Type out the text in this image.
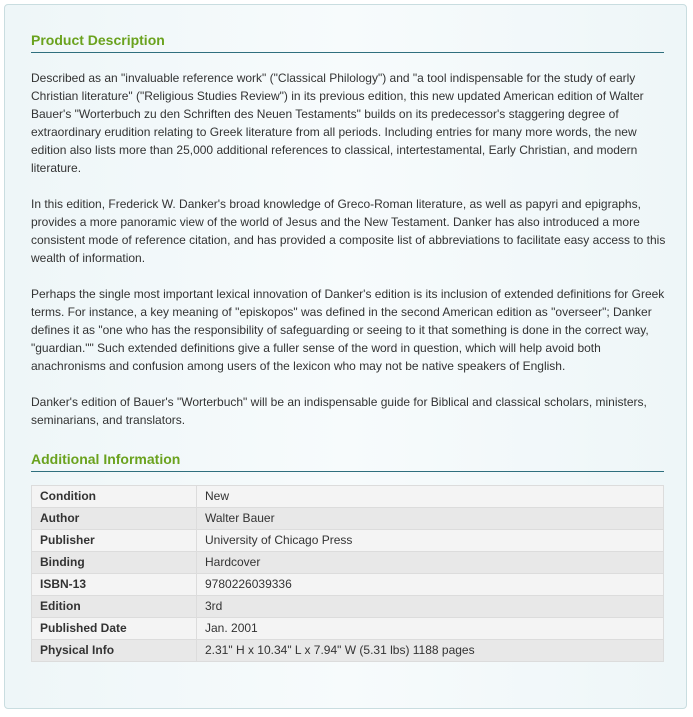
Product Description

Described as an "invaluable reference work" ("Classical Philology") and "a tool indispensable for the study of early Christian literature" ("Religious Studies Review") in its previous edition, this new updated American edition of Walter Bauer's "Worterbuch zu den Schriften des Neuen Testaments" builds on its predecessor's staggering degree of extraordinary erudition relating to Greek literature from all periods. Including entries for many more words, the new edition also lists more than 25,000 additional references to classical, intertestamental, Early Christian, and modern literature.

In this edition, Frederick W. Danker's broad knowledge of Greco-Roman literature, as well as papyri and epigraphs, provides a more panoramic view of the world of Jesus and the New Testament. Danker has also introduced a more consistent mode of reference citation, and has provided a composite list of abbreviations to facilitate easy access to this wealth of information.

Perhaps the single most important lexical innovation of Danker's edition is its inclusion of extended definitions for Greek terms. For instance, a key meaning of "episkopos" was defined in the second American edition as "overseer"; Danker defines it as "one who has the responsibility of safeguarding or seeing to it that something is done in the correct way, "guardian."" Such extended definitions give a fuller sense of the word in question, which will help avoid both anachronisms and confusion among users of the lexicon who may not be native speakers of English.

Danker's edition of Bauer's "Worterbuch" will be an indispensable guide for Biblical and classical scholars, ministers, seminarians, and translators.

Additional Information
Condition	New
Author	Walter Bauer
Publisher	University of Chicago Press
Binding	Hardcover
ISBN-13	9780226039336
Edition	3rd
Published Date	Jan. 2001
Physical Info	2.31" H x 10.34" L x 7.94" W (5.31 lbs) 1188 pages
